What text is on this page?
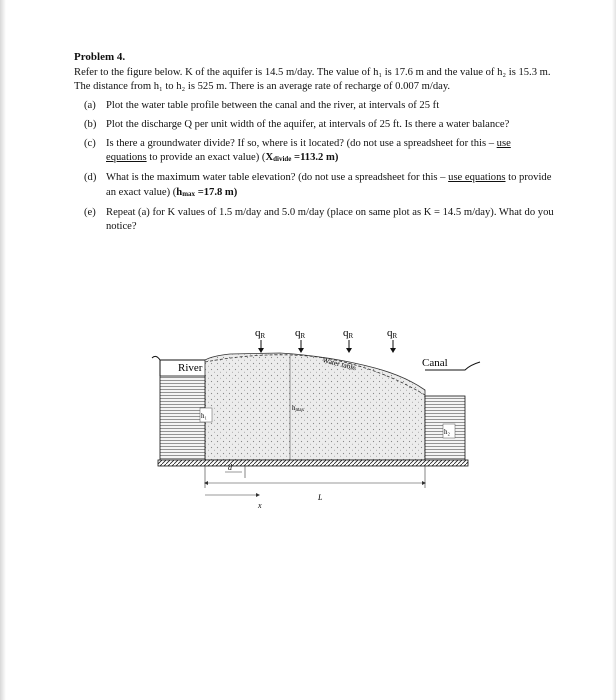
Problem 4.

Refer to the figure below. K of the aquifer is 14.5 m/day. The value of h₁ is 17.6 m and the value of h₂ is 15.3 m. The distance from h₁ to h₂ is 525 m. There is an average rate of recharge of 0.007 m/day.

(a) Plot the water table profile between the canal and the river, at intervals of 25 ft
(b) Plot the discharge Q per unit width of the aquifer, at intervals of 25 ft. Is there a water balance?
(c) Is there a groundwater divide? If so, where is it located? (do not use a spreadsheet for this – use equations to provide an exact value) (Xdivide =113.2 m)
(d) What is the maximum water table elevation? (do not use a spreadsheet for this – use equations to provide an exact value) (hmax =17.8 m)
(e) Repeat (a) for K values of 1.5 m/day and 5.0 m/day (place on same plot as K = 14.5 m/day). What do you notice?
qR	qR	qR	qR
River
h₁
Canal
h₂
Water table
hmax
d
L
x
